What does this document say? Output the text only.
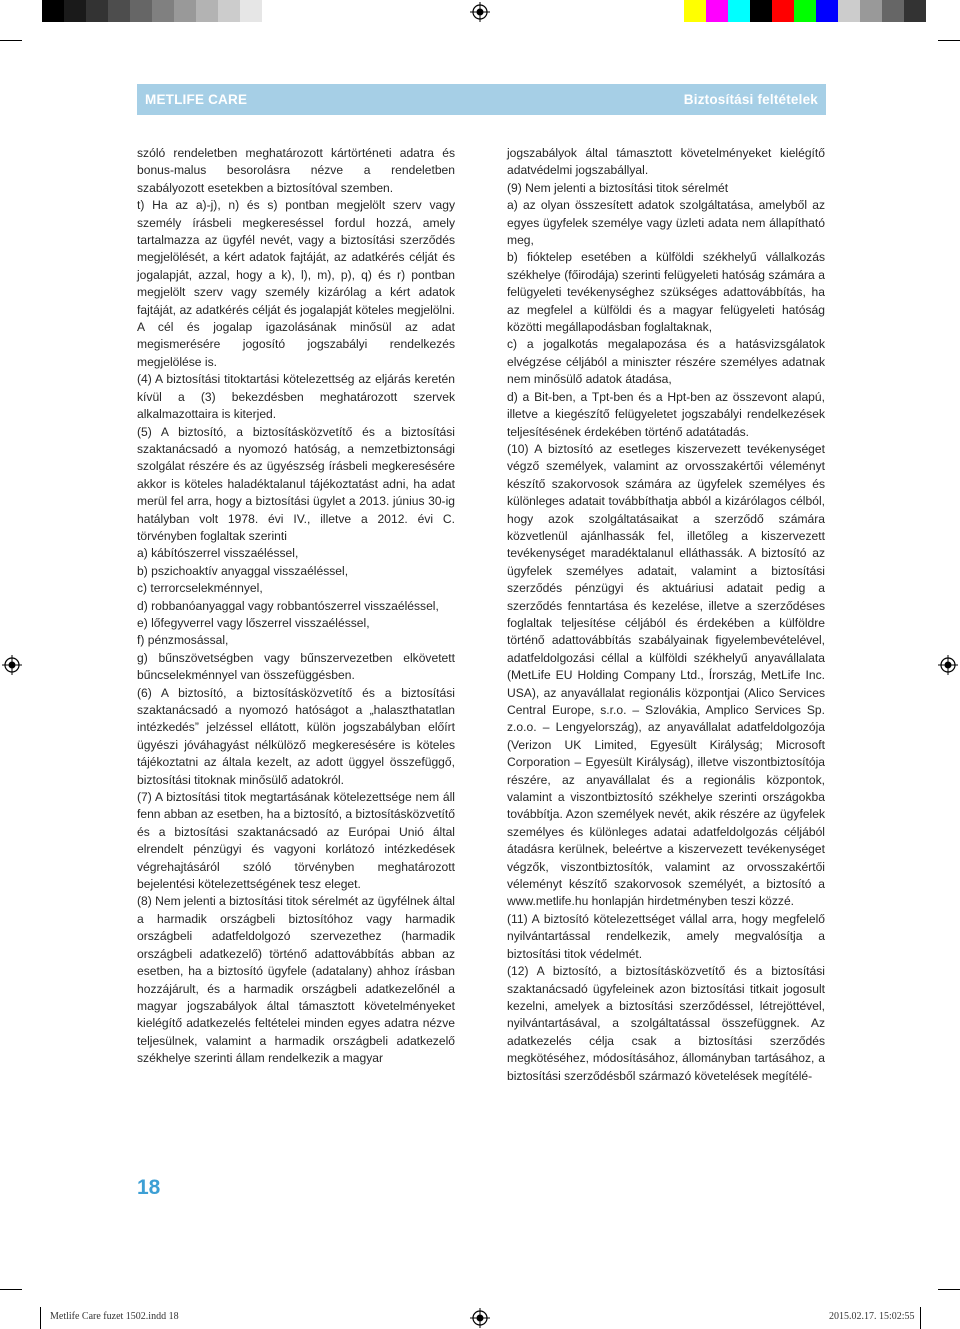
METLIFE CARE	Biztosítási feltételek

szóló rendeletben meghatározott kártörténeti adatra és bonus-malus besorolásra nézve a rendeletben szabályozott esetekben a biztosítóval szemben.

t) Ha az a)-j), n) és s) pontban megjelölt szerv vagy személy írásbeli megkereséssel fordul hozzá, amely tartalmazza az ügyfél nevét, vagy a biztosítási szerződés megjelölését, a kért adatok fajtáját, az adatkérés célját és jogalapját, azzal, hogy a k), l), m), p), q) és r) pontban megjelölt szerv vagy személy kizárólag a kért adatok fajtáját, az adatkérés célját és jogalapját köteles megjelölni. A cél és jogalap igazolásának minősül az adat megismerésére jogosító jogszabályi rendelkezés megjelölése is.

(4) A biztosítási titoktartási kötelezettség az eljárás keretén kívül a (3) bekezdésben meghatározott szervek alkalmazottaira is kiterjed.

(5) A biztosító, a biztosításközvetítő és a biztosítási szaktanácsadó a nyomozó hatóság, a nemzetbiztonsági szolgálat részére és az ügyészség írásbeli megkeresésére akkor is köteles haladéktalanul tájékoztatást adni, ha adat merül fel arra, hogy a biztosítási ügylet a 2013. június 30-ig hatályban volt 1978. évi IV., illetve a 2012. évi C. törvényben foglaltak szerinti

a) kábítószerrel visszaéléssel,

b) pszichoaktív anyaggal visszaéléssel,

c) terrorcselekménnyel,

d) robbanóanyaggal vagy robbantószerrel visszaéléssel,

e) lőfegyverrel vagy lőszerrel visszaéléssel,

f) pénzmosással,

g) bűnszövetségben vagy bűnszervezetben elkövetett bűncselekménnyel van összefüggésben.

(6) A biztosító, a biztosításközvetítő és a biztosítási szaktanácsadó a nyomozó hatóságot a „halaszthatatlan intézkedés” jelzéssel ellátott, külön jogszabályban előírt ügyészi jóváhagyást nélkülöző megkeresésére is köteles tájékoztatni az általa kezelt, az adott üggyel összefüggő, biztosítási titoknak minősülő adatokról.

(7) A biztosítási titok megtartásának kötelezettsége nem áll fenn abban az esetben, ha a biztosító, a biztosításközvetítő és a biztosítási szaktanácsadó az Európai Unió által elrendelt pénzügyi és vagyoni korlátozó intézkedések végrehajtásáról szóló törvényben meghatározott bejelentési kötelezettségének tesz eleget.

(8) Nem jelenti a biztosítási titok sérelmét az ügyfélnek által a harmadik országbeli biztosítóhoz vagy harmadik országbeli adatfeldolgozó szervezethez (harmadik országbeli adatkezelő) történő adattovábbítás abban az esetben, ha a biztosító ügyfele (adatalany) ahhoz írásban hozzájárult, és a harmadik országbeli adatkezelőnél a magyar jogszabályok által támasztott követelményeket kielégítő adatkezelés feltételei minden egyes adatra nézve teljesülnek, valamint a harmadik országbeli adatkezelő székhelye szerinti állam rendelkezik a magyar

jogszabályok által támasztott követelményeket kielégítő adatvédelmi jogszabállyal.

(9) Nem jelenti a biztosítási titok sérelmét

a) az olyan összesített adatok szolgáltatása, amelyből az egyes ügyfelek személye vagy üzleti adata nem állapítható meg,

b) fióktelep esetében a külföldi székhelyű vállalkozás székhelye (főirodája) szerinti felügyeleti hatóság számára a felügyeleti tevékenységhez szükséges adattovábbítás, ha az megfelel a külföldi és a magyar felügyeleti hatóság közötti megállapodásban foglaltaknak,

c) a jogalkotás megalapozása és a hatásvizsgálatok elvégzése céljából a miniszter részére személyes adatnak nem minősülő adatok átadása,

d) a Bit-ben, a Tpt-ben és a Hpt-ben az összevont alapú, illetve a kiegészítő felügyeletet jogszabályi rendelkezések teljesítésének érdekében történő adatátadás.

(10) A biztosító az esetleges kiszervezett tevékenységet végző személyek, valamint az orvosszakértői véleményt készítő szakorvosok számára az ügyfelek személyes és különleges adatait továbbíthatja abból a kizárólagos célból, hogy azok szolgáltatásaikat a szerződő számára közvetlenül ajánlhassák fel, illetőleg a kiszervezett tevékenységet maradéktalanul elláthassák. A biztosító az ügyfelek személyes adatait, valamint a biztosítási szerződés pénzügyi és aktuáriusi adatait pedig a szerződés fenntartása és kezelése, illetve a szerződéses foglaltak teljesítése céljából és érdekében a külföldre történő adattovábbítás szabályainak figyelembevételével, adatfeldolgozási céllal a külföldi székhelyű anyavállalata (MetLife EU Holding Company Ltd., Írország, MetLife Inc. USA), az anyavállalat regionális központjai (Alico Services Central Europe, s.r.o. – Szlovákia, Amplico Services Sp. z.o.o. – Lengyelország), az anyavállalat adatfeldolgozója (Verizon UK Limited, Egyesült Királyság; Microsoft Corporation – Egyesült Királyság), illetve viszontbiztosítója részére, az anyavállalat és a regionális központok, valamint a viszontbiztosító székhelye szerinti országokba továbbítja. Azon személyek nevét, akik részére az ügyfelek személyes és különleges adatai adatfeldolgozás céljából átadásra kerülnek, beleértve a kiszervezett tevékenységet végzők, viszontbiztosítók, valamint az orvosszakértői véleményt készítő szakorvosok személyét, a biztosító a www.metlife.hu honlapján hirdetményben teszi közzé.

(11) A biztosító kötelezettséget vállal arra, hogy megfelelő nyilvántartással rendelkezik, amely megvalósítja a biztosítási titok védelmét.

(12) A biztosító, a biztosításközvetítő és a biztosítási szaktanácsadó ügyfeleinek azon biztosítási titkait jogosult kezelni, amelyek a biztosítási szerződéssel, létrejöttével, nyilvántartásával, a szolgáltatással összefüggnek. Az adatkezelés célja csak a biztosítási szerződés megkötéséhez, módosításához, állományban tartásához, a biztosítási szerződésből származó követelések megítélé-

18
Metlife Care fuzet 1502.indd 18	2015.02.17. 15:02:55
